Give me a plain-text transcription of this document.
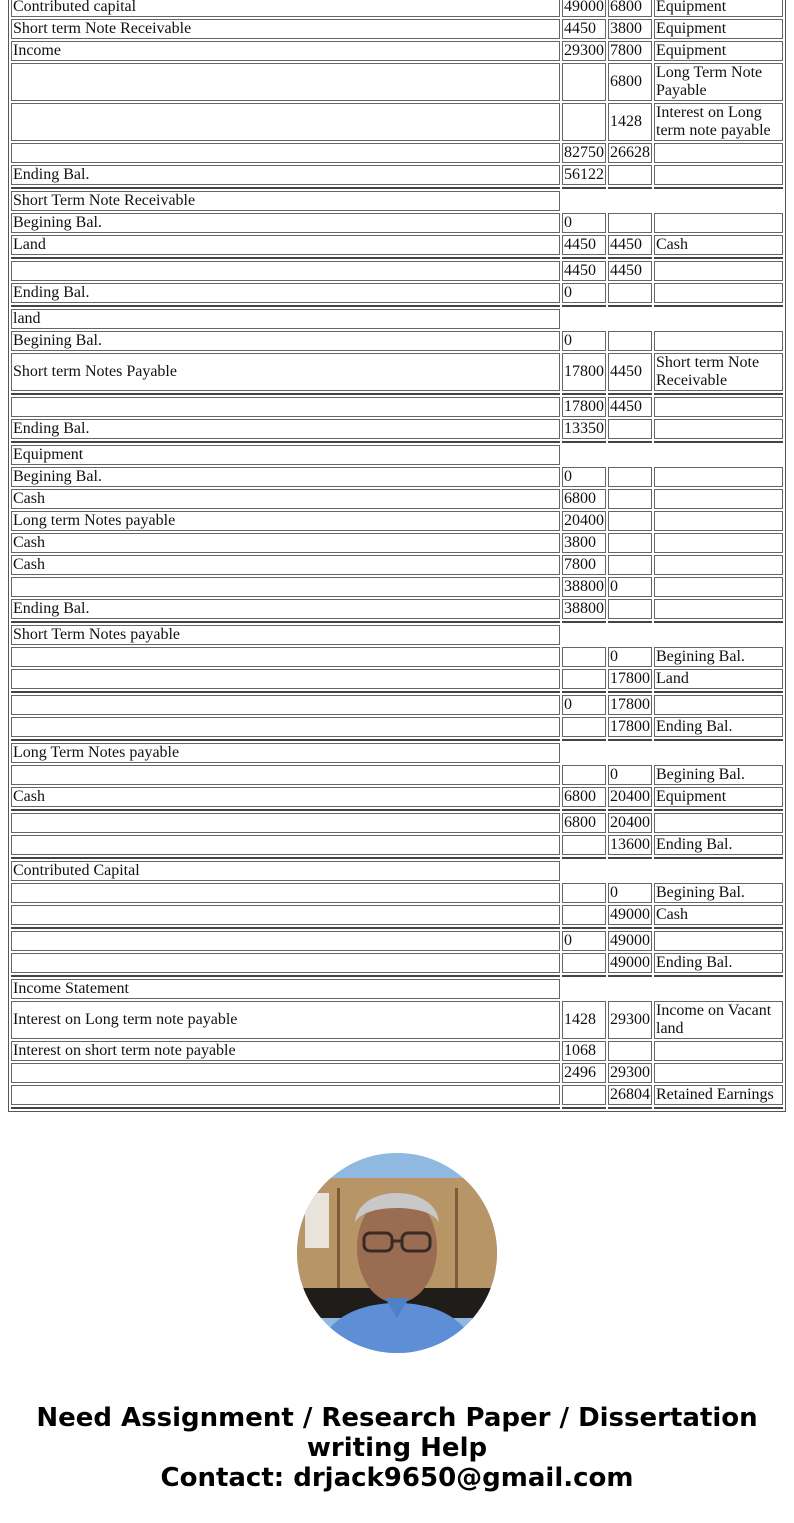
Contributed capital	49000	6800	Equipment
Short term Note Receivable	4450	3800	Equipment
Income	29300	7800	Equipment
		6800	Long Term Note Payable
		1428	Interest on Long term note payable
	82750	26628	
Ending Bal.	56122		

Short Term Note Receivable			
Begining Bal.	0		
Land	4450	4450	Cash

	4450	4450	
Ending Bal.	0		

land			
Begining Bal.	0		
Short term Notes Payable	17800	4450	Short term Note Receivable

	17800	4450	
Ending Bal.	13350		

Equipment			
Begining Bal.	0		
Cash	6800		
Long term Notes payable	20400		
Cash	3800		
Cash	7800		
	38800	0	
Ending Bal.	38800		

Short Term Notes payable			
		0	Begining Bal.
		17800	Land

	0	17800	
		17800	Ending Bal.

Long Term Notes payable			
		0	Begining Bal.
Cash	6800	20400	Equipment

	6800	20400	
		13600	Ending Bal.

Contributed Capital			
		0	Begining Bal.
		49000	Cash

	0	49000	
		49000	Ending Bal.

Income Statement			
Interest on Long term note payable	1428	29300	Income on Vacant land
Interest on short term note payable	1068		
	2496	29300	
		26804	Retained Earnings

Need Assignment / Research Paper / Dissertation
writing Help
Contact: drjack9650@gmail.com
